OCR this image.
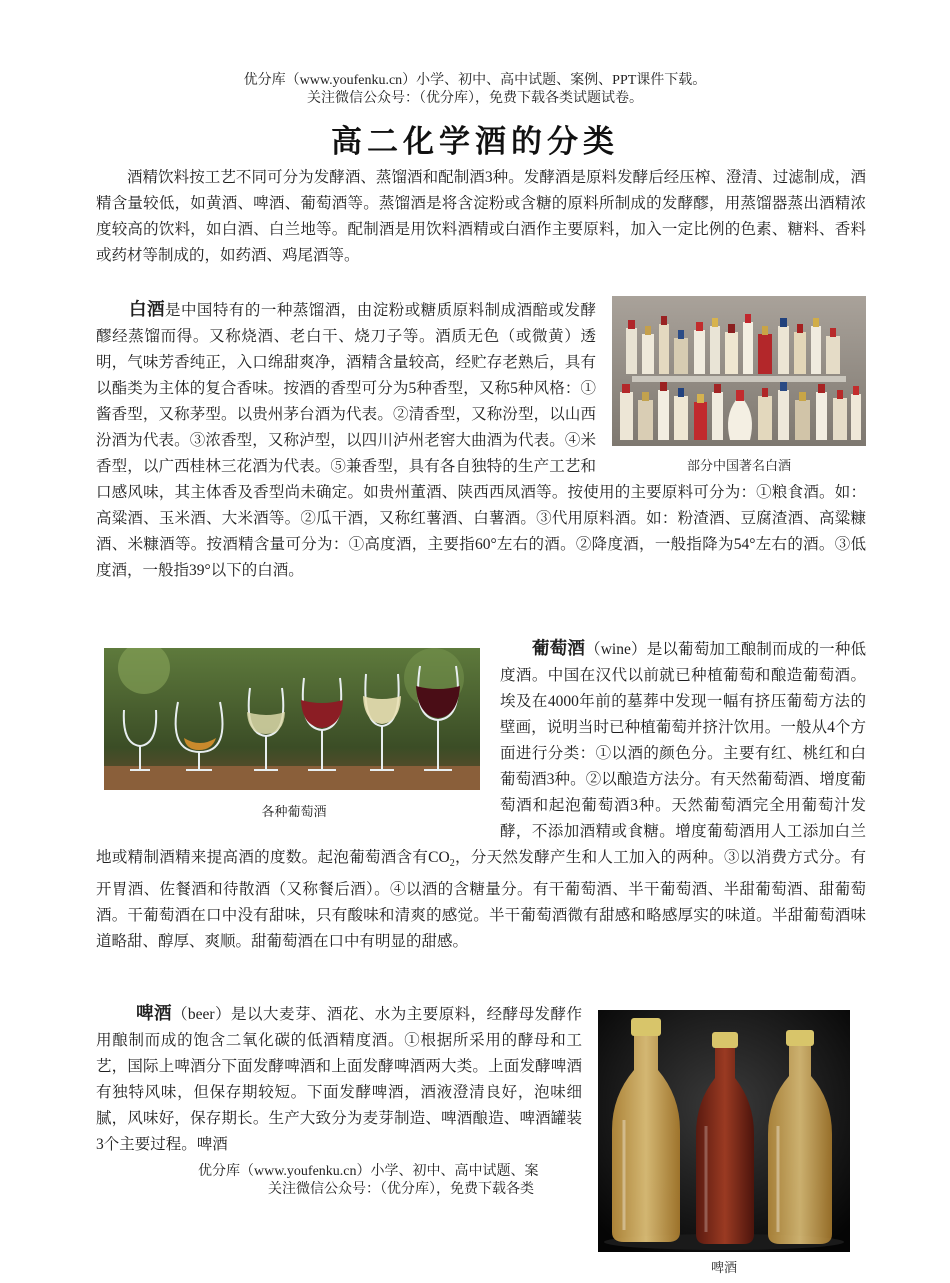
优分库（www.youfenku.cn）小学、初中、高中试题、案例、PPT课件下载。
关注微信公众号：（优分库），免费下载各类试题试卷。
高二化学酒的分类

酒精饮料按工艺不同可分为发酵酒、蒸馏酒和配制酒3种。发酵酒是原料发酵后经压榨、澄清、过滤制成，酒精含量较低，如黄酒、啤酒、葡萄酒等。蒸馏酒是将含淀粉或含糖的原料所制成的发酵醪，用蒸馏器蒸出酒精浓度较高的饮料，如白酒、白兰地等。配制酒是用饮料酒精或白酒作主要原料，加入一定比例的色素、糖料、香料或药材等制成的，如药酒、鸡尾酒等。

部分中国著名白酒

白酒是中国特有的一种蒸馏酒，由淀粉或糖质原料制成酒醅或发酵醪经蒸馏而得。又称烧酒、老白干、烧刀子等。酒质无色（或微黄）透明，气味芳香纯正，入口绵甜爽净，酒精含量较高，经贮存老熟后，具有以酯类为主体的复合香味。按酒的香型可分为5种香型，又称5种风格：①酱香型，又称茅型。以贵州茅台酒为代表。②清香型，又称汾型，以山西汾酒为代表。③浓香型，又称泸型，以四川泸州老窖大曲酒为代表。④米香型，以广西桂林三花酒为代表。⑤兼香型，具有各自独特的生产工艺和口感风味，其主体香及香型尚未确定。如贵州董酒、陕西西凤酒等。按使用的主要原料可分为：①粮食酒。如：高粱酒、玉米酒、大米酒等。②瓜干酒，又称红薯酒、白薯酒。③代用原料酒。如：粉渣酒、豆腐渣酒、高粱糠酒、米糠酒等。按酒精含量可分为：①高度酒，主要指60°左右的酒。②降度酒，一般指降为54°左右的酒。③低度酒，一般指39°以下的白酒。

各种葡萄酒

葡萄酒（wine）是以葡萄加工酿制而成的一种低度酒。中国在汉代以前就已种植葡萄和酿造葡萄酒。埃及在4000年前的墓葬中发现一幅有挤压葡萄方法的壁画，说明当时已种植葡萄并挤汁饮用。一般从4个方面进行分类：①以酒的颜色分。主要有红、桃红和白葡萄酒3种。②以酿造方法分。有天然葡萄酒、增度葡萄酒和起泡葡萄酒3种。天然葡萄酒完全用葡萄汁发酵，不添加酒精或食糖。增度葡萄酒用人工添加白兰地或精制酒精来提高酒的度数。起泡葡萄酒含有$CO_2$，分天然发酵产生和人工加入的两种。③以消费方式分。有开胃酒、佐餐酒和待散酒（又称餐后酒）。④以酒的含糖量分。有干葡萄酒、半干葡萄酒、半甜葡萄酒、甜葡萄酒。干葡萄酒在口中没有甜味，只有酸味和清爽的感觉。半干葡萄酒微有甜感和略感厚实的味道。半甜葡萄酒味道略甜、醇厚、爽顺。甜葡萄酒在口中有明显的甜感。

啤酒（beer）是以大麦芽、酒花、水为主要原料，经酵母发酵作用酿制而成的饱含二氧化碳的低酒精度酒。①根据所采用的酵母和工艺，国际上啤酒分下面发酵啤酒和上面发酵啤酒两大类。上面发酵啤酒有独特风味，但保存期较短。下面发酵啤酒，酒液澄清良好，泡味细腻，风味好，保存期长。生产大致分为麦芽制造、啤酒酿造、啤酒罐装3个主要过程。啤酒

啤酒
优分库（www.youfenku.cn）小学、初中、高中试题、案
关注微信公众号：（优分库），免费下载各类
